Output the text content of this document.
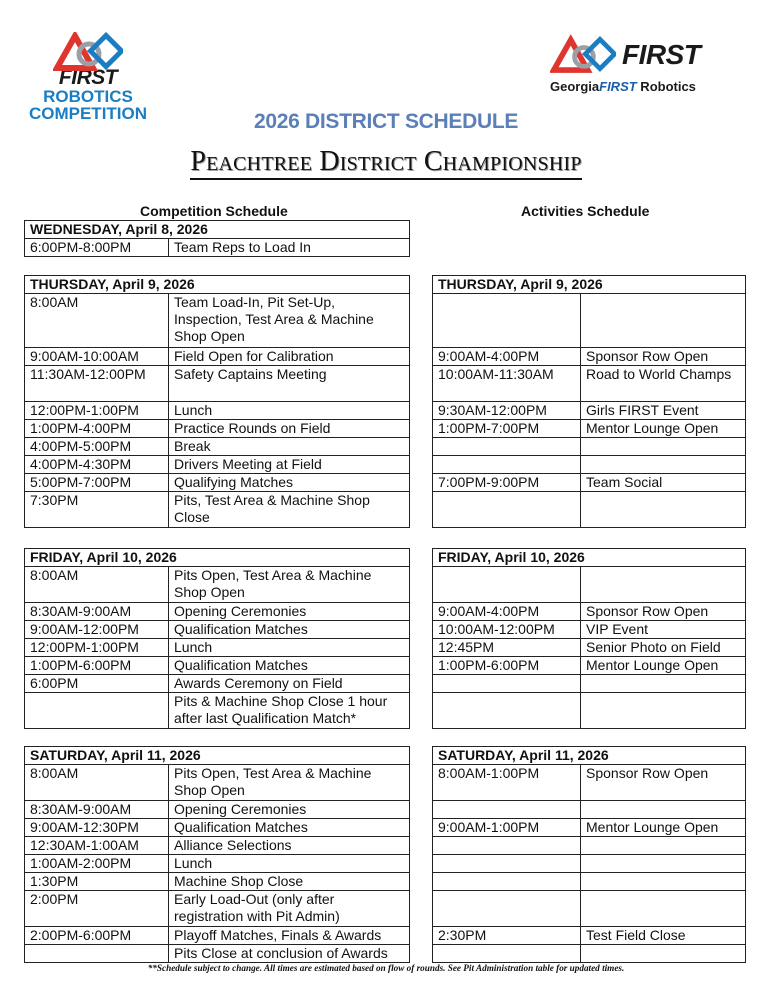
FIRST
ROBOTICS
COMPETITION
FIRST
GeorgiaFIRST Robotics
2026 DISTRICT SCHEDULE
Peachtree District Championship
Competition Schedule	Activities Schedule
WEDNESDAY, April 8, 2026
6:00PM-8:00PM	Team Reps to Load In
THURSDAY, April 9, 2026	
8:00AM	Team Load-In, Pit Set-Up, Inspection, Test Area & Machine Shop Open
9:00AM-10:00AM	Field Open for Calibration
11:30AM-12:00PM	Safety Captains Meeting
12:00PM-1:00PM	Lunch
1:00PM-4:00PM	Practice Rounds on Field
4:00PM-5:00PM	Break
4:00PM-4:30PM	Drivers Meeting at Field
5:00PM-7:00PM	Qualifying Matches
7:30PM	Pits, Test Area & Machine Shop Close
FRIDAY, April 10, 2026	
8:00AM	Pits Open, Test Area & Machine Shop Open
8:30AM-9:00AM	Opening Ceremonies
9:00AM-12:00PM	Qualification Matches
12:00PM-1:00PM	Lunch
1:00PM-6:00PM	Qualification Matches
6:00PM	Awards Ceremony on Field
	Pits & Machine Shop Close 1 hour after last Qualification Match*
SATURDAY, April 11, 2026	
8:00AM	Pits Open, Test Area & Machine Shop Open
8:30AM-9:00AM	Opening Ceremonies
9:00AM-12:30PM	Qualification Matches
12:30AM-1:00AM	Alliance Selections
1:00AM-2:00PM	Lunch
1:30PM	Machine Shop Close
2:00PM	Early Load-Out (only after registration with Pit Admin)
2:00PM-6:00PM	Playoff Matches, Finals & Awards
	Pits Close at conclusion of Awards
THURSDAY, April 9, 2026	

9:00AM-4:00PM	Sponsor Row Open
10:00AM-11:30AM	Road to World Champs
9:30AM-12:00PM	Girls FIRST Event
1:00PM-7:00PM	Mentor Lounge Open

7:00PM-9:00PM	Team Social

FRIDAY, April 10, 2026	

9:00AM-4:00PM	Sponsor Row Open
10:00AM-12:00PM	VIP Event
12:45PM	Senior Photo on Field
1:00PM-6:00PM	Mentor Lounge Open

SATURDAY, April 11, 2026	
8:00AM-1:00PM	Sponsor Row Open

9:00AM-1:00PM	Mentor Lounge Open

2:30PM	Test Field Close

**Schedule subject to change. All times are estimated based on flow of rounds. See Pit Administration table for updated times.
